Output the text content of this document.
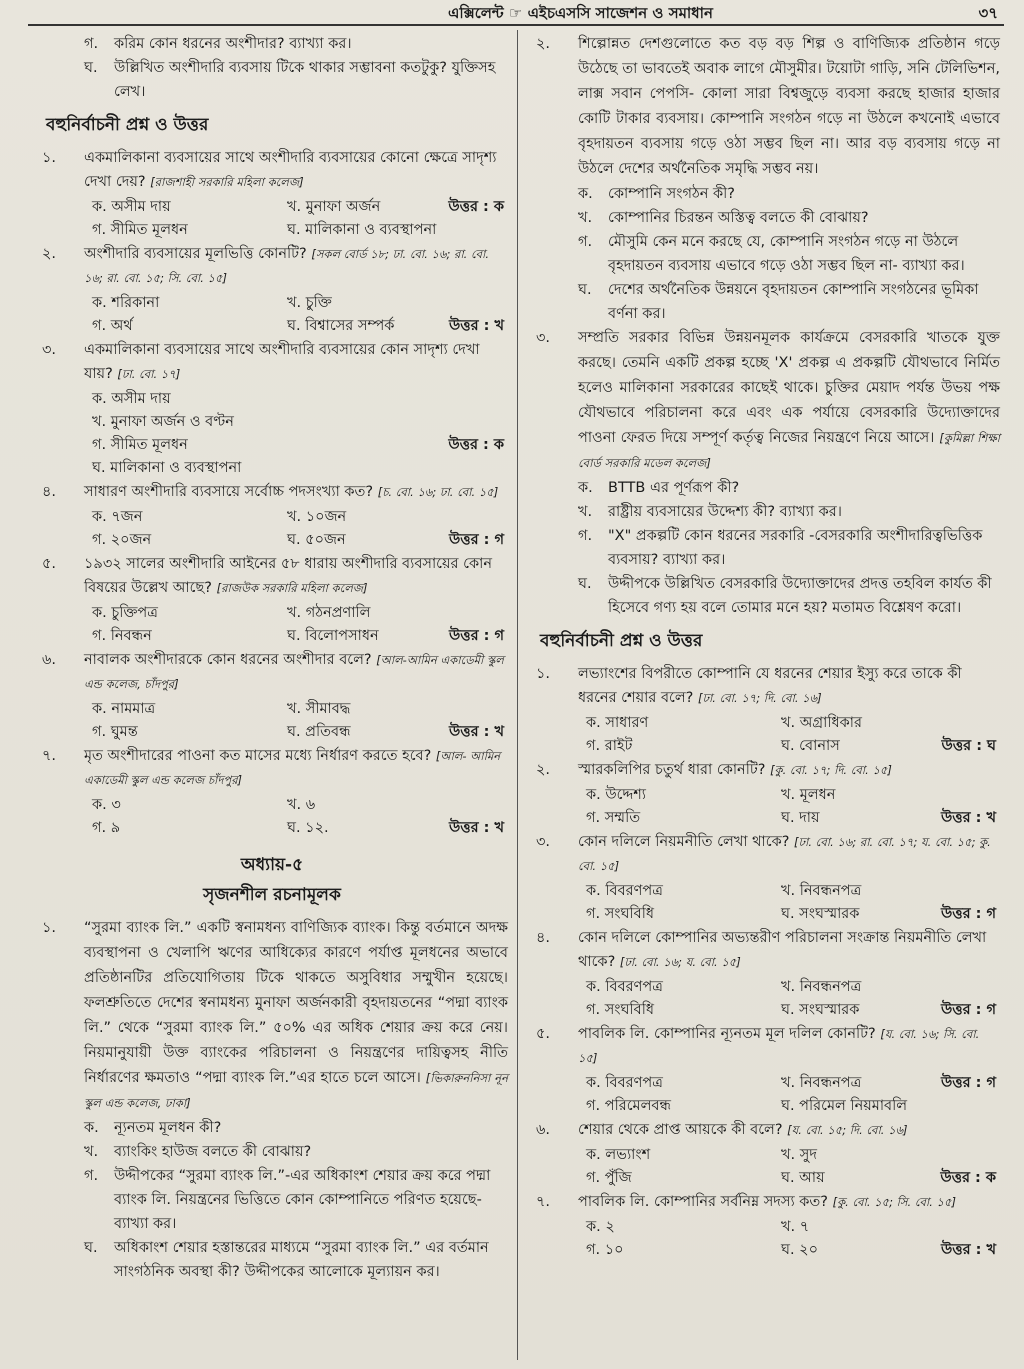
এক্সিলেন্ট ☞ এইচএসসি সাজেশন ও সমাধান	৩৭
গ. করিম কোন ধরনের অংশীদার? ব্যাখ্যা কর।
ঘ. উল্লিখিত অংশীদারি ব্যবসায় টিকে থাকার সম্ভাবনা কতটুকু? যুক্তিসহ লেখ।
বহুনির্বাচনী প্রশ্ন ও উত্তর
১. একমালিকানা ব্যবসায়ের সাথে অংশীদারি ব্যবসায়ের কোনো ক্ষেত্রে সাদৃশ্য দেখা দেয়? [রাজশাহী সরকারি মহিলা কলেজ]
ক. অসীম দায়	খ. মুনাফা অর্জন	উত্তর : ক
গ. সীমিত মূলধন	ঘ. মালিকানা ও ব্যবস্থাপনা
২. অংশীদারি ব্যবসায়ের মূলভিত্তি কোনটি? [সকল বোর্ড ১৮; ঢা. বো. ১৬; রা. বো. ১৬; রা. বো. ১৫; সি. বো. ১৫]
ক. শরিকানা	খ. চুক্তি
গ. অর্থ	ঘ. বিশ্বাসের সম্পর্ক	উত্তর : খ
৩. একমালিকানা ব্যবসায়ের সাথে অংশীদারি ব্যবসায়ের কোন সাদৃশ্য দেখা যায়? [ঢা. বো. ১৭]
ক. অসীম দায়
খ. মুনাফা অর্জন ও বণ্টন
গ. সীমিত মূলধন	উত্তর : ক
ঘ. মালিকানা ও ব্যবস্থাপনা
৪. সাধারণ অংশীদারি ব্যবসায়ে সর্বোচ্চ পদসংখ্যা কত? [চ. বো. ১৬; ঢা. বো. ১৫]
ক. ৭জন	খ. ১০জন
গ. ২০জন	ঘ. ৫০জন	উত্তর : গ
৫. ১৯৩২ সালের অংশীদারি আইনের ৫৮ ধারায় অংশীদারি ব্যবসায়ের কোন বিষয়ের উল্লেখ আছে? [রাজউক সরকারি মহিলা কলেজ]
ক. চুক্তিপত্র	খ. গঠনপ্রণালি
গ. নিবন্ধন	ঘ. বিলোপসাধন	উত্তর : গ
৬. নাবালক অংশীদারকে কোন ধরনের অংশীদার বলে? [আল-আমিন একাডেমী স্কুল এন্ড কলেজ, চাঁদপুর]
ক. নামমাত্র	খ. সীমাবদ্ধ
গ. ঘুমন্ত	ঘ. প্রতিবন্ধ	উত্তর : খ
৭. মৃত অংশীদারের পাওনা কত মাসের মধ্যে নির্ধারণ করতে হবে? [আল- আমিন একাডেমী স্কুল এন্ড কলেজ চাঁদপুর]
ক. ৩	খ. ৬
গ. ৯	ঘ. ১২.	উত্তর : খ
অধ্যায়-৫
সৃজনশীল রচনামূলক
১. “সুরমা ব্যাংক লি.” একটি স্বনামধন্য বাণিজ্যিক ব্যাংক। কিন্তু বর্তমানে অদক্ষ ব্যবস্থাপনা ও খেলাপি ঋণের আধিক্যের কারণে পর্যাপ্ত মূলধনের অভাবে প্রতিষ্ঠানটির প্রতিযোগিতায় টিকে থাকতে অসুবিধার সম্মুখীন হয়েছে। ফলশ্রুতিতে দেশের স্বনামধন্য মুনাফা অর্জনকারী বৃহদায়তনের “পদ্মা ব্যাংক লি.” থেকে “সুরমা ব্যাংক লি.” ৫০% এর অধিক শেয়ার ক্রয় করে নেয়। নিয়মানুযায়ী উক্ত ব্যাংকের পরিচালনা ও নিয়ন্ত্রণের দায়িত্বসহ নীতি নির্ধারণের ক্ষমতাও “পদ্মা ব্যাংক লি.”এর হাতে চলে আসে। [ভিকারুননিসা নূন স্কুল এন্ড কলেজ, ঢাকা]
ক. ন্যূনতম মূলধন কী?
খ. ব্যাংকিং হাউজ বলতে কী বোঝায়?
গ. উদ্দীপকের “সুরমা ব্যাংক লি.”-এর অধিকাংশ শেয়ার ক্রয় করে পদ্মা ব্যাংক লি. নিয়ন্ত্রনের ভিত্তিতে কোন কোম্পানিতে পরিণত হয়েছে-ব্যাখ্যা কর।
ঘ. অধিকাংশ শেয়ার হস্তান্তরের মাধ্যমে “সুরমা ব্যাংক লি.” এর বর্তমান সাংগঠনিক অবস্থা কী? উদ্দীপকের আলোকে মূল্যায়ন কর।
২. শিল্পোন্নত দেশগুলোতে কত বড় বড় শিল্প ও বাণিজ্যিক প্রতিষ্ঠান গড়ে উঠেছে তা ভাবতেই অবাক লাগে মৌসুমীর। টয়োটা গাড়ি, সনি টেলিভিশন, লাক্স সবান পেপসি- কোলা সারা বিশ্বজুড়ে ব্যবসা করছে হাজার হাজার কোটি টাকার ব্যবসায়। কোম্পানি সংগঠন গড়ে না উঠলে কখনোই এভাবে বৃহদায়তন ব্যবসায় গড়ে ওঠা সম্ভব ছিল না। আর বড় ব্যবসায় গড়ে না উঠলে দেশের অর্থনৈতিক সমৃদ্ধি সম্ভব নয়।
ক. কোম্পানি সংগঠন কী?
খ. কোম্পানির চিরন্তন অস্তিত্ব বলতে কী বোঝায়?
গ. মৌসুমি কেন মনে করছে যে, কোম্পানি সংগঠন গড়ে না উঠলে বৃহদায়তন ব্যবসায় এভাবে গড়ে ওঠা সম্ভব ছিল না- ব্যাখ্যা কর।
ঘ. দেশের অর্থনৈতিক উন্নয়নে বৃহদায়তন কোম্পানি সংগঠনের ভূমিকা বর্ণনা কর।
৩. সম্প্রতি সরকার বিভিন্ন উন্নয়নমূলক কার্যক্রমে বেসরকারি খাতকে যুক্ত করছে। তেমনি একটি প্রকল্প হচ্ছে 'X' প্রকল্প এ প্রকল্পটি যৌথভাবে নির্মিত হলেও মালিকানা সরকারের কাছেই থাকে। চুক্তির মেয়াদ পর্যন্ত উভয় পক্ষ যৌথভাবে পরিচালনা করে এবং এক পর্যায়ে বেসরকারি উদ্যোক্তাদের পাওনা ফেরত দিয়ে সম্পূর্ণ কর্তৃত্ব নিজের নিয়ন্ত্রণে নিয়ে আসে। [কুমিল্লা শিক্ষা বোর্ড সরকারি মডেল কলেজ]
ক. BTTB এর পূর্ণরূপ কী?
খ. রাষ্ট্রীয় ব্যবসায়ের উদ্দেশ্য কী? ব্যাখ্যা কর।
গ. "X" প্রকল্পটি কোন ধরনের সরকারি -বেসরকারি অংশীদারিত্বভিত্তিক ব্যবসায়? ব্যাখ্যা কর।
ঘ. উদ্দীপকে উল্লিখিত বেসরকারি উদ্যোক্তাদের প্রদত্ত তহবিল কার্যত কী হিসেবে গণ্য হয় বলে তোমার মনে হয়? মতামত বিশ্লেষণ করো।
বহুনির্বাচনী প্রশ্ন ও উত্তর
১. লভ্যাংশের বিপরীতে কোম্পানি যে ধরনের শেয়ার ইস্যু করে তাকে কী ধরনের শেয়ার বলে? [ঢা. বো. ১৭; দি. বো. ১৬]
ক. সাধারণ	খ. অগ্রাধিকার
গ. রাইট	ঘ. বোনাস	উত্তর : ঘ
২. স্মারকলিপির চতুর্থ ধারা কোনটি? [কু. বো. ১৭; দি. বো. ১৫]
ক. উদ্দেশ্য	খ. মূলধন
গ. সম্মতি	ঘ. দায়	উত্তর : খ
৩. কোন দলিলে নিয়মনীতি লেখা থাকে? [ঢা. বো. ১৬; রা. বো. ১৭; য. বো. ১৫; কু. বো. ১৫]
ক. বিবরণপত্র	খ. নিবন্ধনপত্র
গ. সংঘবিধি	ঘ. সংঘস্মারক	উত্তর : গ
৪. কোন দলিলে কোম্পানির অভ্যন্তরীণ পরিচালনা সংক্রান্ত নিয়মনীতি লেখা থাকে? [ঢা. বো. ১৬; য. বো. ১৫]
ক. বিবরণপত্র	খ. নিবন্ধনপত্র
গ. সংঘবিধি	ঘ. সংঘস্মারক	উত্তর : গ
৫. পাবলিক লি. কোম্পানির ন্যূনতম মূল দলিল কোনটি? [য. বো. ১৬; সি. বো. ১৫]
ক. বিবরণপত্র	খ. নিবন্ধনপত্র	উত্তর : গ
গ. পরিমেলবন্ধ	ঘ. পরিমেল নিয়মাবলি
৬. শেয়ার থেকে প্রাপ্ত আয়কে কী বলে? [য. বো. ১৫; দি. বো. ১৬]
ক. লভ্যাংশ	খ. সুদ
গ. পুঁজি	ঘ. আয়	উত্তর : ক
৭. পাবলিক লি. কোম্পানির সর্বনিম্ন সদস্য কত? [কু. বো. ১৫; সি. বো. ১৫]
ক. ২	খ. ৭
গ. ১০	ঘ. ২০	উত্তর : খ
